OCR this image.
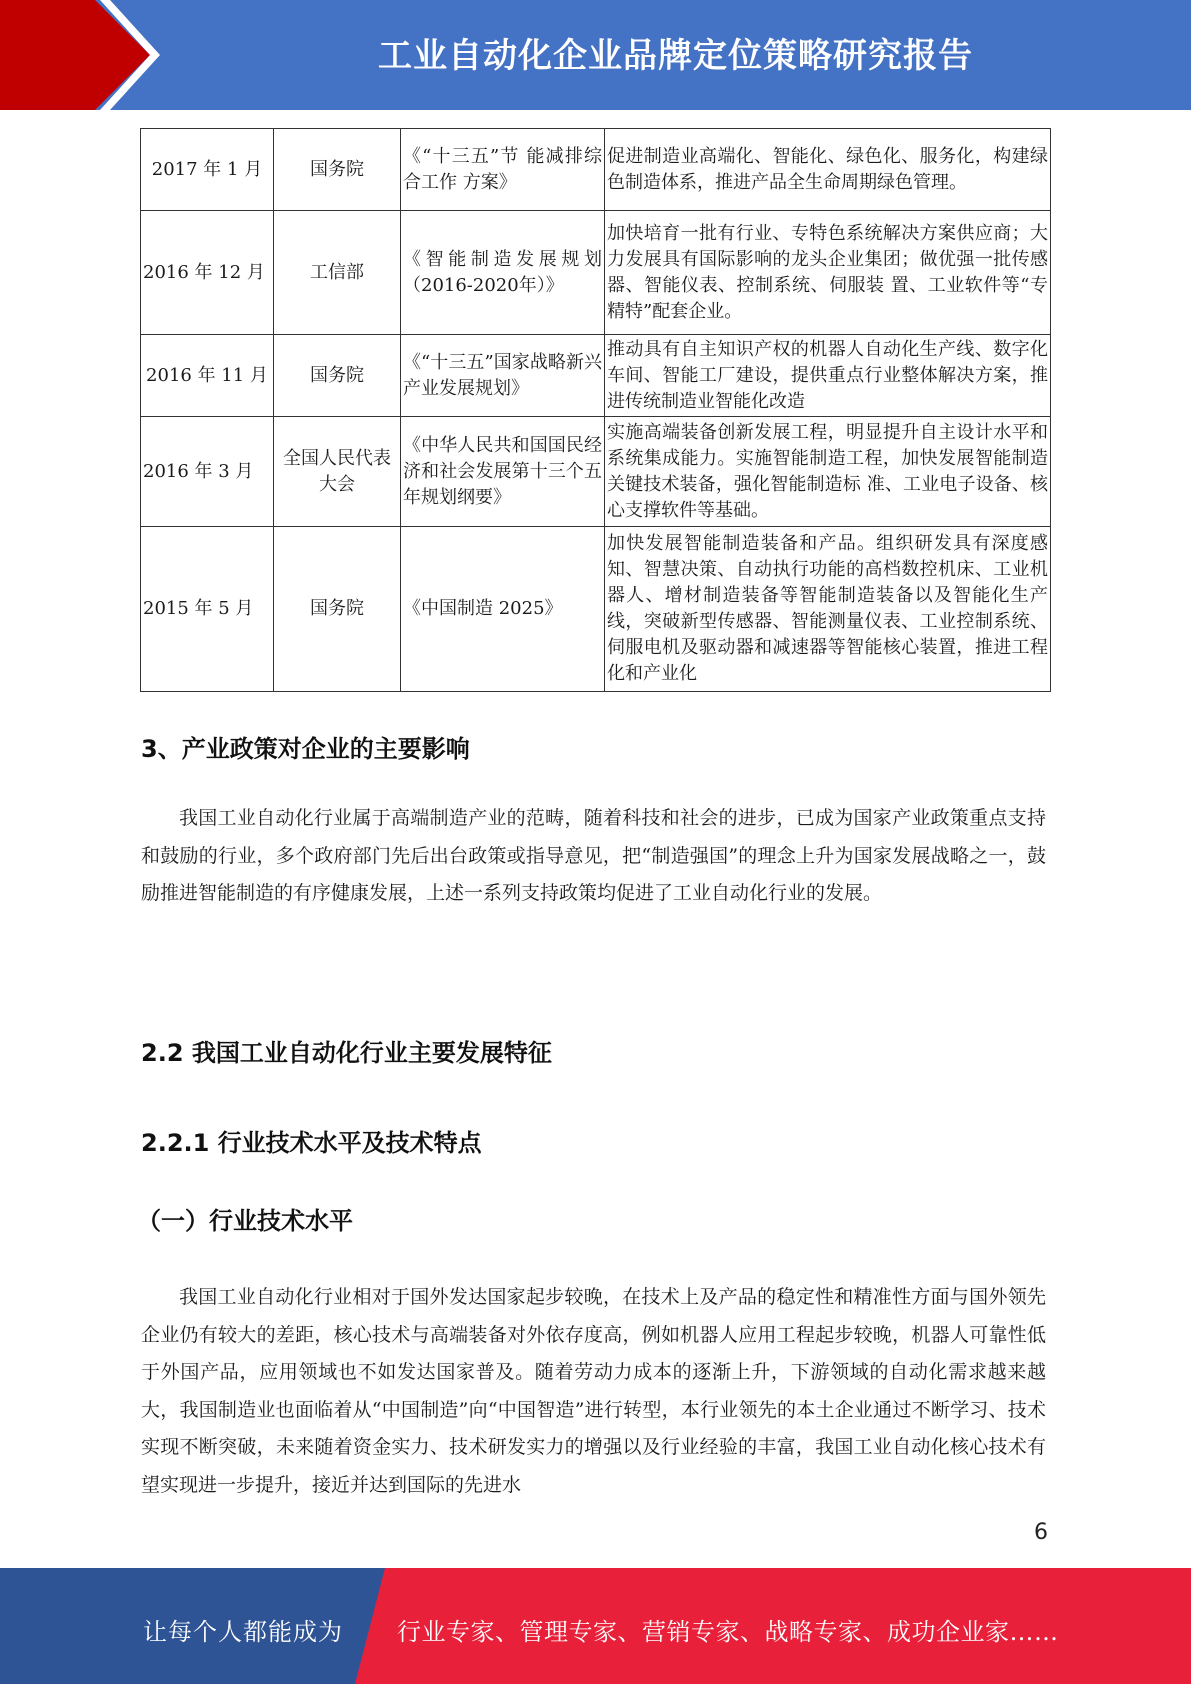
工业自动化企业品牌定位策略研究报告
2017 年 1 月	国务院	《“十三五”节 能减排综合工作 方案》	促进制造业高端化、智能化、绿色化、服务化，构建绿色制造体系，推进产品全生命周期绿色管理。
2016 年 12 月	工信部	《智能制造发展规划（2016-2020年）》	加快培育一批有行业、专特色系统解决方案供应商；大力发展具有国际影响的龙头企业集团；做优强一批传感器、智能仪表、控制系统、伺服装 置、工业软件等“专精特”配套企业。
2016 年 11 月	国务院	《“十三五”国家战略新兴产业发展规划》	推动具有自主知识产权的机器人自动化生产线、数字化车间、智能工厂建设，提供重点行业整体解决方案，推进传统制造业智能化改造
2016 年 3 月	全国人民代表大会	《中华人民共和国国民经济和社会发展第十三个五年规划纲要》	实施高端装备创新发展工程，明显提升自主设计水平和系统集成能力。实施智能制造工程，加快发展智能制造关键技术装备，强化智能制造标 准、工业电子设备、核心支撑软件等基础。
2015 年 5 月	国务院	《中国制造 2025》	加快发展智能制造装备和产品。组织研发具有深度感知、智慧决策、自动执行功能的高档数控机床、工业机器人、增材制造装备等智能制造装备以及智能化生产线，突破新型传感器、智能测量仪表、工业控制系统、伺服电机及驱动器和减速器等智能核心装置，推进工程化和产业化
3、产业政策对企业的主要影响
我国工业自动化行业属于高端制造产业的范畴，随着科技和社会的进步，已成为国家产业政策重点支持和鼓励的行业，多个政府部门先后出台政策或指导意见，把“制造强国”的理念上升为国家发展战略之一，鼓励推进智能制造的有序健康发展，上述一系列支持政策均促进了工业自动化行业的发展。
2.2 我国工业自动化行业主要发展特征
2.2.1 行业技术水平及技术特点
（一）行业技术水平
我国工业自动化行业相对于国外发达国家起步较晚，在技术上及产品的稳定性和精准性方面与国外领先企业仍有较大的差距，核心技术与高端装备对外依存度高，例如机器人应用工程起步较晚，机器人可靠性低于外国产品，应用领域也不如发达国家普及。随着劳动力成本的逐渐上升，下游领域的自动化需求越来越大，我国制造业也面临着从“中国制造”向“中国智造”进行转型，本行业领先的本土企业通过不断学习、技术实现不断突破，未来随着资金实力、技术研发实力的增强以及行业经验的丰富，我国工业自动化核心技术有望实现进一步提升，接近并达到国际的先进水
6
让每个人都能成为 行业专家、管理专家、营销专家、战略专家、成功企业家……
